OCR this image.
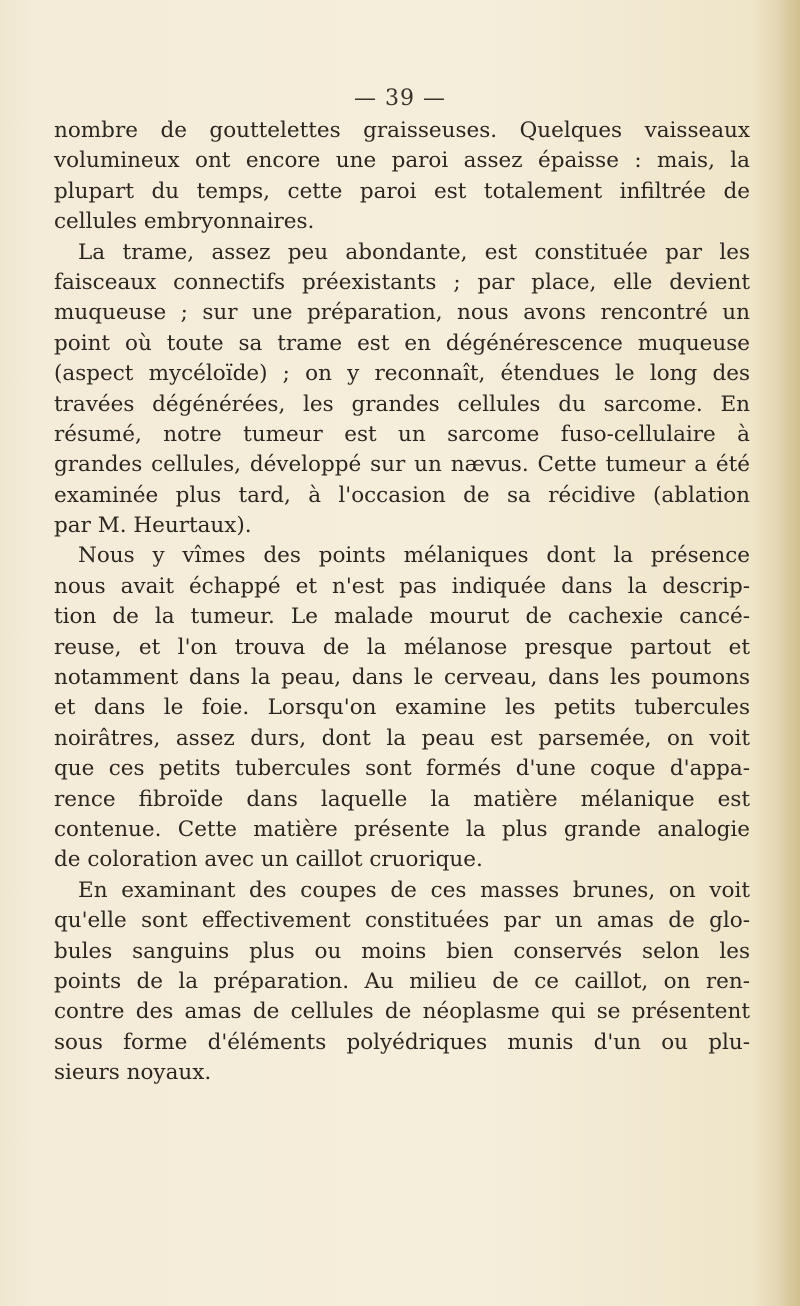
— 39 —
nombre de gouttelettes graisseuses. Quelques vaisseaux
volumineux ont encore une paroi assez épaisse : mais, la
plupart du temps, cette paroi est totalement infiltrée de
cellules embryonnaires.
La trame, assez peu abondante, est constituée par les
faisceaux connectifs préexistants ; par place, elle devient
muqueuse ; sur une préparation, nous avons rencontré un
point où toute sa trame est en dégénérescence muqueuse
(aspect mycéloïde) ; on y reconnaît, étendues le long des
travées dégénérées, les grandes cellules du sarcome. En
résumé, notre tumeur est un sarcome fuso-cellulaire à
grandes cellules, développé sur un nævus. Cette tumeur a été
examinée plus tard, à l'occasion de sa récidive (ablation
par M. Heurtaux).
Nous y vîmes des points mélaniques dont la présence
nous avait échappé et n'est pas indiquée dans la descrip-
tion de la tumeur. Le malade mourut de cachexie cancé-
reuse, et l'on trouva de la mélanose presque partout et
notamment dans la peau, dans le cerveau, dans les poumons
et dans le foie. Lorsqu'on examine les petits tubercules
noirâtres, assez durs, dont la peau est parsemée, on voit
que ces petits tubercules sont formés d'une coque d'appa-
rence fibroïde dans laquelle la matière mélanique est
contenue. Cette matière présente la plus grande analogie
de coloration avec un caillot cruorique.
En examinant des coupes de ces masses brunes, on voit
qu'elle sont effectivement constituées par un amas de glo-
bules sanguins plus ou moins bien conservés selon les
points de la préparation. Au milieu de ce caillot, on ren-
contre des amas de cellules de néoplasme qui se présentent
sous forme d'éléments polyédriques munis d'un ou plu-
sieurs noyaux.
